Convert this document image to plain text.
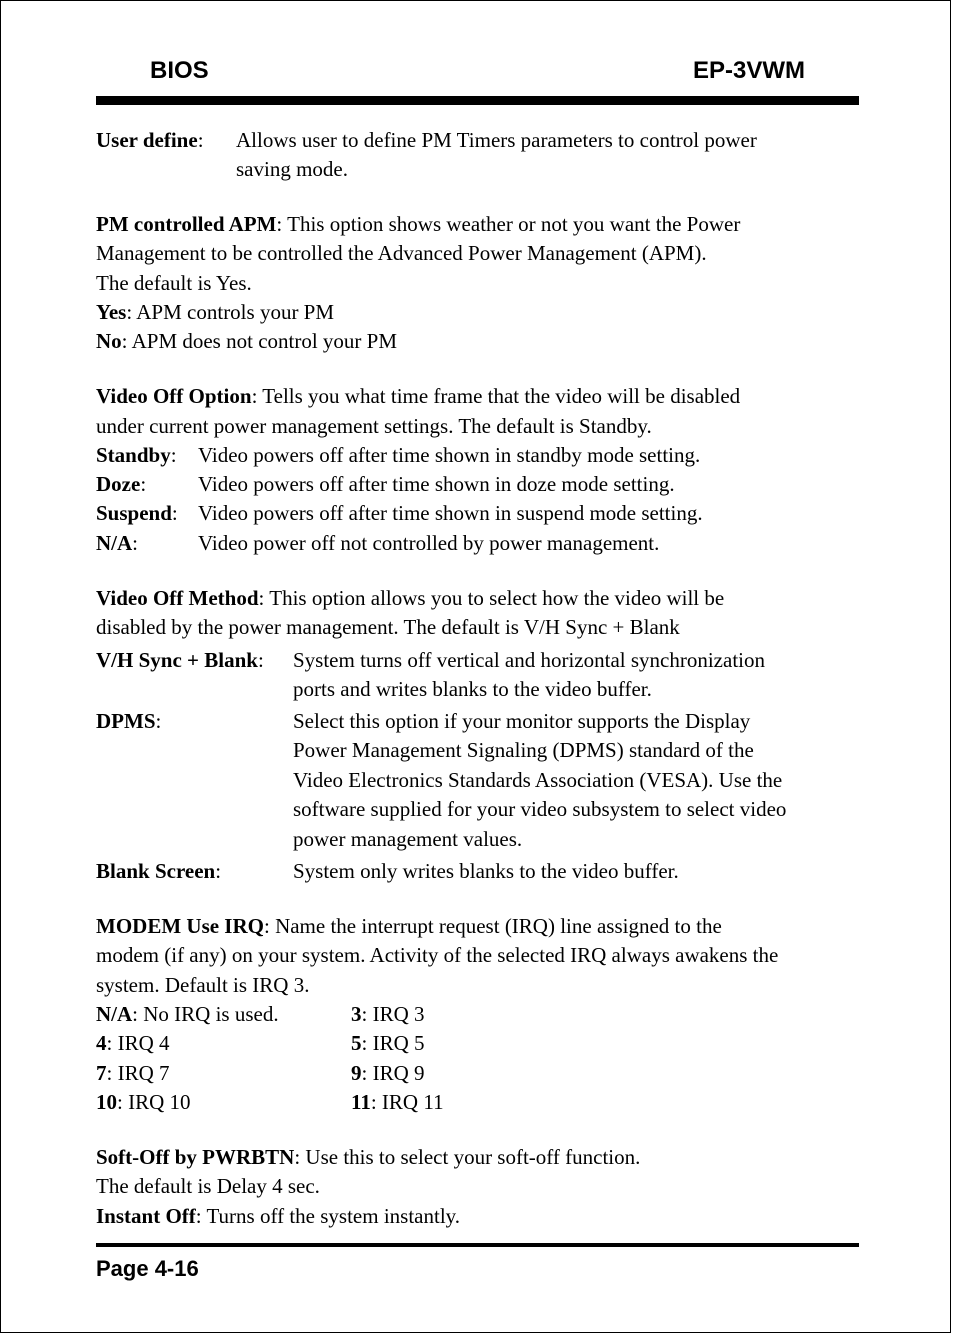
BIOS	EP-3VWM
User define: Allows user to define PM Timers parameters to control power
saving mode.
PM controlled APM: This option shows weather or not you want the Power
Management to be controlled the Advanced Power Management (APM).
The default is Yes.
Yes: APM controls your PM
No: APM does not control your PM
Video Off Option: Tells you what time frame that the video will be disabled
under current power management settings. The default is Standby.
Standby: Video powers off after time shown in standby mode setting.
Doze: Video powers off after time shown in doze mode setting.
Suspend: Video powers off after time shown in suspend mode setting.
N/A:	Video power off not controlled by power management.
Video Off Method: This option allows you to select how the video will be
disabled by the power management. The default is V/H Sync + Blank
V/H Sync + Blank: System turns off vertical and horizontal synchronization
ports and writes blanks to the video buffer.
DPMS:	Select this option if your monitor supports the Display
Power Management Signaling (DPMS) standard of the
Video Electronics Standards Association (VESA). Use the
software supplied for your video subsystem to select video
power management values.
Blank Screen:	System only writes blanks to the video buffer.
MODEM Use IRQ: Name the interrupt request (IRQ) line assigned to the
modem (if any) on your system. Activity of the selected IRQ always awakens the
system. Default is IRQ 3.
N/A: No IRQ is used.	3: IRQ 3
4: IRQ 4	5: IRQ 5
7: IRQ 7	9: IRQ 9
10: IRQ 10	11: IRQ 11
Soft-Off by PWRBTN: Use this to select your soft-off function.
The default is Delay 4 sec.
Instant Off: Turns off the system instantly.
Page 4-16
